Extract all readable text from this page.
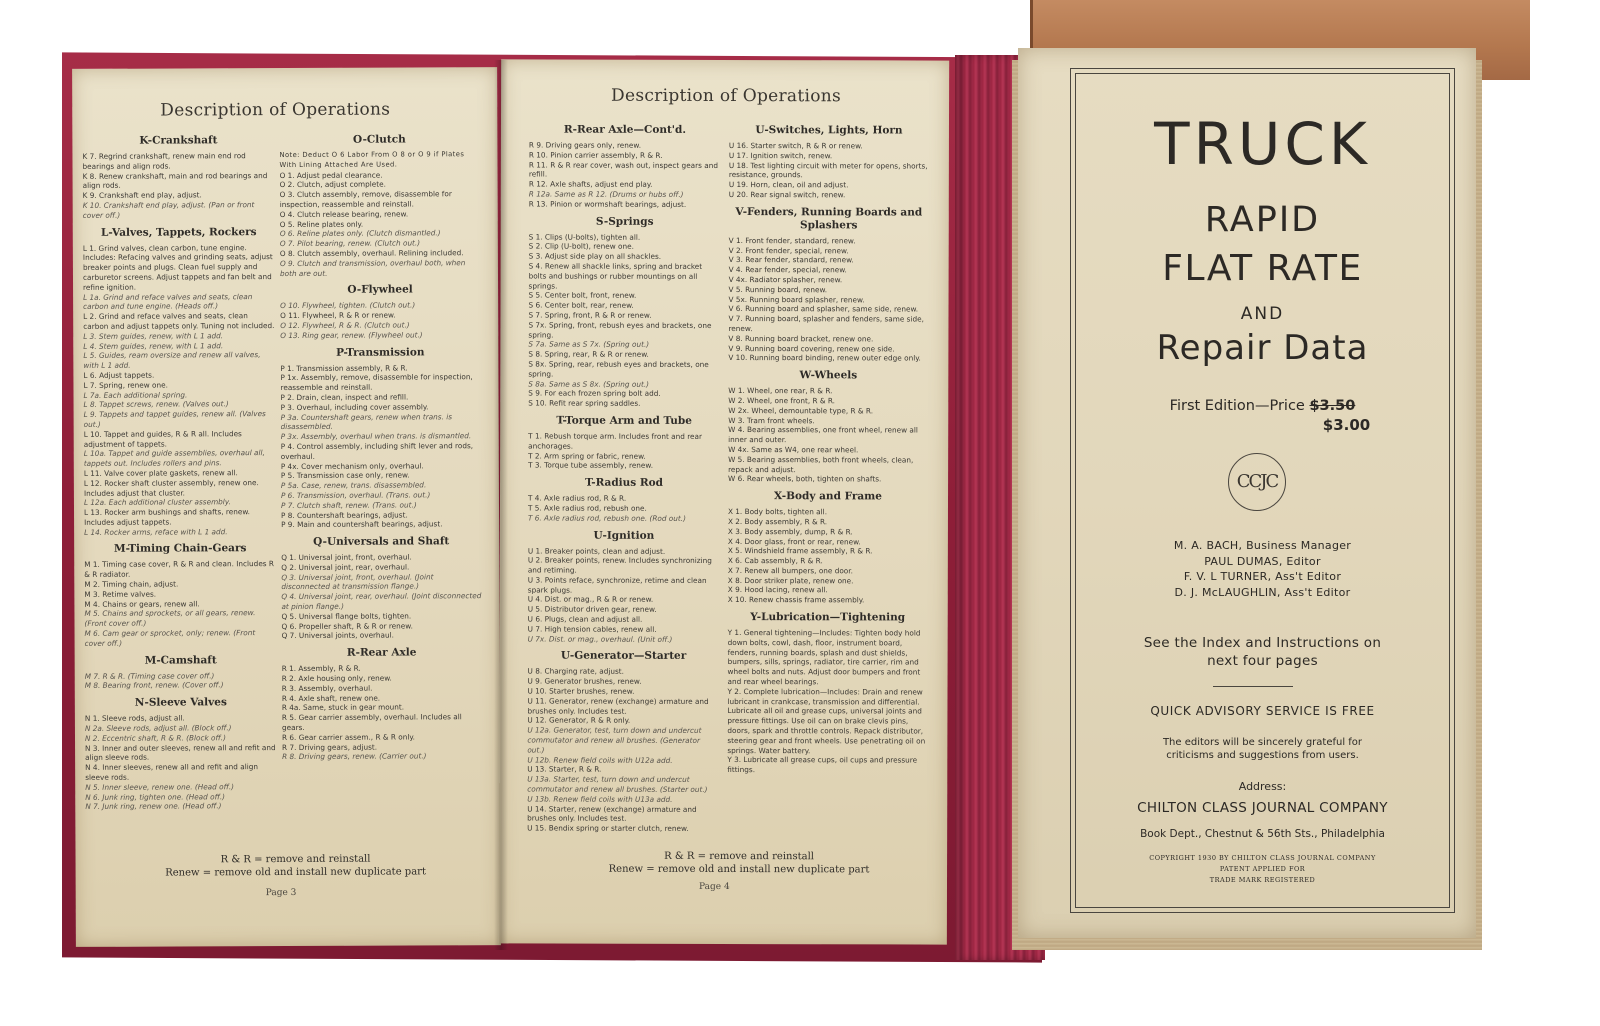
Description of Operations
K-Crankshaft
K 7. Regrind crankshaft, renew main end rod bearings and align rods.
K 8. Renew crankshaft, main and rod bearings and align rods.
K 9. Crankshaft end play, adjust.
K 10. Crankshaft end play, adjust. (Pan or front cover off.)
L-Valves, Tappets, Rockers
L 1. Grind valves, clean carbon, tune engine. Includes: Refacing valves and grinding seats, adjust breaker points and plugs. Clean fuel supply and carburetor screens. Adjust tappets and fan belt and refine ignition.
L 1a. Grind and reface valves and seats, clean carbon and tune engine. (Heads off.)
L 2. Grind and reface valves and seats, clean carbon and adjust tappets only. Tuning not included.
L 3. Stem guides, renew, with L 1 add.
L 4. Stem guides, renew, with L 1 add.
L 5. Guides, ream oversize and renew all valves, with L 1 add.
L 6. Adjust tappets.
L 7. Spring, renew one.
L 7a. Each additional spring.
L 8. Tappet screws, renew. (Valves out.)
L 9. Tappets and tappet guides, renew all. (Valves out.)
L 10. Tappet and guides, R & R all. Includes adjustment of tappets.
L 10a. Tappet and guide assemblies, overhaul all, tappets out. Includes rollers and pins.
L 11. Valve cover plate gaskets, renew all.
L 12. Rocker shaft cluster assembly, renew one. Includes adjust that cluster.
L 12a. Each additional cluster assembly.
L 13. Rocker arm bushings and shafts, renew. Includes adjust tappets.
L 14. Rocker arms, reface with L 1 add.
M-Timing Chain-Gears
M 1. Timing case cover, R & R and clean. Includes R & R radiator.
M 2. Timing chain, adjust.
M 3. Retime valves.
M 4. Chains or gears, renew all.
M 5. Chains and sprockets, or all gears, renew. (Front cover off.)
M 6. Cam gear or sprocket, only; renew. (Front cover off.)
M-Camshaft
M 7. R & R. (Timing case cover off.)
M 8. Bearing front, renew. (Cover off.)
N-Sleeve Valves
N 1. Sleeve rods, adjust all.
N 2a. Sleeve rods, adjust all. (Block off.)
N 2. Eccentric shaft, R & R. (Block off.)
N 3. Inner and outer sleeves, renew all and refit and align sleeve rods.
N 4. Inner sleeves, renew all and refit and align sleeve rods.
N 5. Inner sleeve, renew one. (Head off.)
N 6. Junk ring, tighten one. (Head off.)
N 7. Junk ring, renew one. (Head off.)
O-Clutch
Note: Deduct O 6 Labor From O 8 or O 9 if Plates With Lining Attached Are Used.
O 1. Adjust pedal clearance.
O 2. Clutch, adjust complete.
O 3. Clutch assembly, remove, disassemble for inspection, reassemble and reinstall.
O 4. Clutch release bearing, renew.
O 5. Reline plates only.
O 6. Reline plates only. (Clutch dismantled.)
O 7. Pilot bearing, renew. (Clutch out.)
O 8. Clutch assembly, overhaul. Relining included.
O 9. Clutch and transmission, overhaul both, when both are out.
O-Flywheel
O 10. Flywheel, tighten. (Clutch out.)
O 11. Flywheel, R & R or renew.
O 12. Flywheel, R & R. (Clutch out.)
O 13. Ring gear, renew. (Flywheel out.)
P-Transmission
P 1. Transmission assembly, R & R.
P 1x. Assembly, remove, disassemble for inspection, reassemble and reinstall.
P 2. Drain, clean, inspect and refill.
P 3. Overhaul, including cover assembly.
P 3a. Countershaft gears, renew when trans. is disassembled.
P 3x. Assembly, overhaul when trans. is dismantled.
P 4. Control assembly, including shift lever and rods, overhaul.
P 4x. Cover mechanism only, overhaul.
P 5. Transmission case only, renew.
P 5a. Case, renew, trans. disassembled.
P 6. Transmission, overhaul. (Trans. out.)
P 7. Clutch shaft, renew. (Trans. out.)
P 8. Countershaft bearings, adjust.
P 9. Main and countershaft bearings, adjust.
Q-Universals and Shaft
Q 1. Universal joint, front, overhaul.
Q 2. Universal joint, rear, overhaul.
Q 3. Universal joint, front, overhaul. (Joint disconnected at transmission flange.)
Q 4. Universal joint, rear, overhaul. (Joint disconnected at pinion flange.)
Q 5. Universal flange bolts, tighten.
Q 6. Propeller shaft, R & R or renew.
Q 7. Universal joints, overhaul.
R-Rear Axle
R 1. Assembly, R & R.
R 2. Axle housing only, renew.
R 3. Assembly, overhaul.
R 4. Axle shaft, renew one.
R 4a. Same, stuck in gear mount.
R 5. Gear carrier assembly, overhaul. Includes all gears.
R 6. Gear carrier assem., R & R only.
R 7. Driving gears, adjust.
R 8. Driving gears, renew. (Carrier out.)
R & R = remove and reinstall
Renew = remove old and install new duplicate part
Page 3
Description of Operations
R-Rear Axle—Cont'd.
R 9. Driving gears only, renew.
R 10. Pinion carrier assembly, R & R.
R 11. R & R rear cover, wash out, inspect gears and refill.
R 12. Axle shafts, adjust end play.
R 12a. Same as R 12. (Drums or hubs off.)
R 13. Pinion or wormshaft bearings, adjust.
S-Springs
S 1. Clips (U-bolts), tighten all.
S 2. Clip (U-bolt), renew one.
S 3. Adjust side play on all shackles.
S 4. Renew all shackle links, spring and bracket bolts and bushings or rubber mountings on all springs.
S 5. Center bolt, front, renew.
S 6. Center bolt, rear, renew.
S 7. Spring, front, R & R or renew.
S 7x. Spring, front, rebush eyes and brackets, one spring.
S 7a. Same as S 7x. (Spring out.)
S 8. Spring, rear, R & R or renew.
S 8x. Spring, rear, rebush eyes and brackets, one spring.
S 8a. Same as S 8x. (Spring out.)
S 9. For each frozen spring bolt add.
S 10. Refit rear spring saddles.
T-Torque Arm and Tube
T 1. Rebush torque arm. Includes front and rear anchorages.
T 2. Arm spring or fabric, renew.
T 3. Torque tube assembly, renew.
T-Radius Rod
T 4. Axle radius rod, R & R.
T 5. Axle radius rod, rebush one.
T 6. Axle radius rod, rebush one. (Rod out.)
U-Ignition
U 1. Breaker points, clean and adjust.
U 2. Breaker points, renew. Includes synchronizing and retiming.
U 3. Points reface, synchronize, retime and clean spark plugs.
U 4. Dist. or mag., R & R or renew.
U 5. Distributor driven gear, renew.
U 6. Plugs, clean and adjust all.
U 7. High tension cables, renew all.
U 7x. Dist. or mag., overhaul. (Unit off.)
U-Generator—Starter
U 8. Charging rate, adjust.
U 9. Generator brushes, renew.
U 10. Starter brushes, renew.
U 11. Generator, renew (exchange) armature and brushes only. Includes test.
U 12. Generator, R & R only.
U 12a. Generator, test, turn down and undercut commutator and renew all brushes. (Generator out.)
U 12b. Renew field coils with U12a add.
U 13. Starter, R & R.
U 13a. Starter, test, turn down and undercut commutator and renew all brushes. (Starter out.)
U 13b. Renew field coils with U13a add.
U 14. Starter, renew (exchange) armature and brushes only. Includes test.
U 15. Bendix spring or starter clutch, renew.
U-Switches, Lights, Horn
U 16. Starter switch, R & R or renew.
U 17. Ignition switch, renew.
U 18. Test lighting circuit with meter for opens, shorts, resistance, grounds.
U 19. Horn, clean, oil and adjust.
U 20. Rear signal switch, renew.
V-Fenders, Running Boards and Splashers
V 1. Front fender, standard, renew.
V 2. Front fender, special, renew.
V 3. Rear fender, standard, renew.
V 4. Rear fender, special, renew.
V 4x. Radiator splasher, renew.
V 5. Running board, renew.
V 5x. Running board splasher, renew.
V 6. Running board and splasher, same side, renew.
V 7. Running board, splasher and fenders, same side, renew.
V 8. Running board bracket, renew one.
V 9. Running board covering, renew one side.
V 10. Running board binding, renew outer edge only.
W-Wheels
W 1. Wheel, one rear, R & R.
W 2. Wheel, one front, R & R.
W 2x. Wheel, demountable type, R & R.
W 3. Tram front wheels.
W 4. Bearing assemblies, one front wheel, renew all inner and outer.
W 4x. Same as W4, one rear wheel.
W 5. Bearing assemblies, both front wheels, clean, repack and adjust.
W 6. Rear wheels, both, tighten on shafts.
X-Body and Frame
X 1. Body bolts, tighten all.
X 2. Body assembly, R & R.
X 3. Body assembly, dump, R & R.
X 4. Door glass, front or rear, renew.
X 5. Windshield frame assembly, R & R.
X 6. Cab assembly, R & R.
X 7. Renew all bumpers, one door.
X 8. Door striker plate, renew one.
X 9. Hood lacing, renew all.
X 10. Renew chassis frame assembly.
Y-Lubrication—Tightening
Y 1. General tightening—Includes: Tighten body hold down bolts, cowl, dash, floor, instrument board, fenders, running boards, splash and dust shields, bumpers, sills, springs, radiator, tire carrier, rim and wheel bolts and nuts. Adjust door bumpers and front and rear wheel bearings.
Y 2. Complete lubrication—Includes: Drain and renew lubricant in crankcase, transmission and differential. Lubricate all oil and grease cups, universal joints and pressure fittings. Use oil can on brake clevis pins, doors, spark and throttle controls. Repack distributor, steering gear and front wheels. Use penetrating oil on springs. Water battery.
Y 3. Lubricate all grease cups, oil cups and pressure fittings.
R & R = remove and reinstall
Renew = remove old and install new duplicate part
Page 4
TRUCK
RAPID
FLAT RATE
AND
Repair Data
First Edition—Price $3.50
$3.00
CCJC
M. A. BACH, Business Manager
PAUL DUMAS, Editor
F. V. L TURNER, Ass't Editor
D. J. McLAUGHLIN, Ass't Editor
See the Index and Instructions on
next four pages
QUICK ADVISORY SERVICE IS FREE
The editors will be sincerely grateful for
criticisms and suggestions from users.
Address:
CHILTON CLASS JOURNAL COMPANY
Book Dept., Chestnut & 56th Sts., Philadelphia
COPYRIGHT 1930 BY CHILTON CLASS JOURNAL COMPANY
PATENT APPLIED FOR
TRADE MARK REGISTERED
